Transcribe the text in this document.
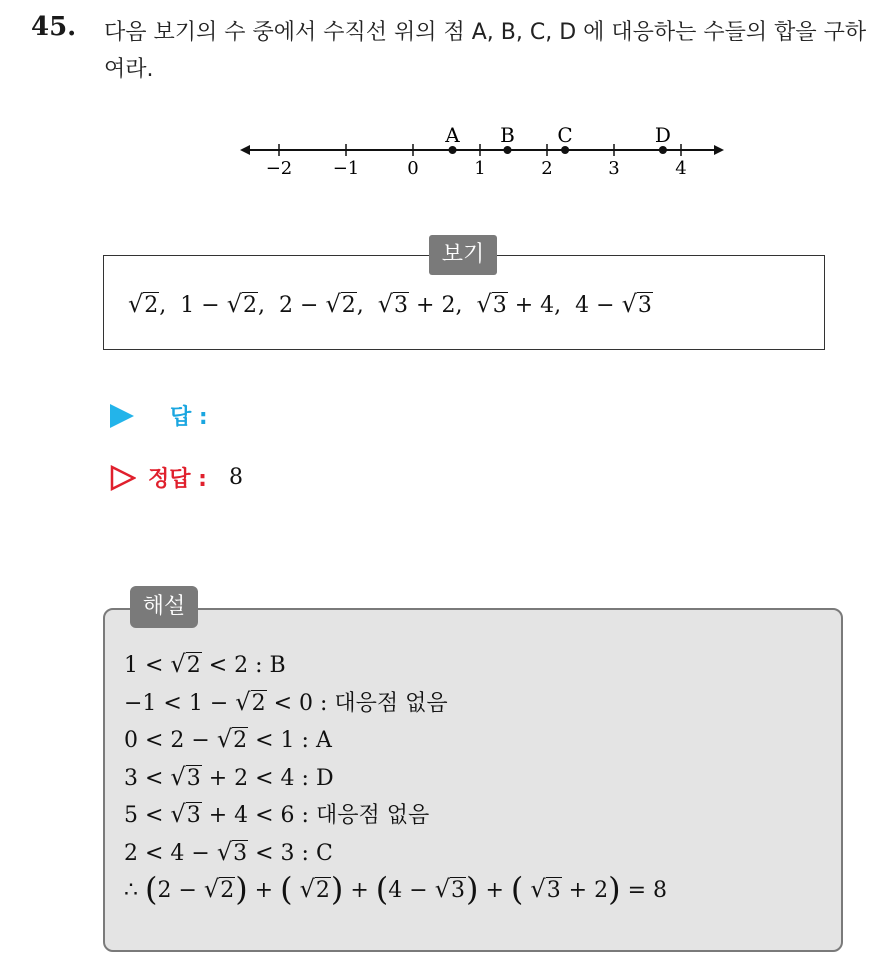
45. 다음 보기의 수 중에서 수직선 위의 점 A, B, C, D 에 대응하는 수들의 합을 구하여라.
−2 −1	0	1	2	3	4
A B C	D
보기
√2, 1 − √2, 2 − √2, √3 + 2, √3 + 4, 4 − √3
답 :
정답 : 8
해설
1 < √2 < 2 : B
−1 < 1 − √2 < 0 : 대응점 없음
0 < 2 − √2 < 1 : A
3 < √3 + 2 < 4 : D
5 < √3 + 4 < 6 : 대응점 없음
2 < 4 − √3 < 3 : C
∴ (2 − √2) + ( √2) + (4 − √3) + ( √3 + 2) = 8
